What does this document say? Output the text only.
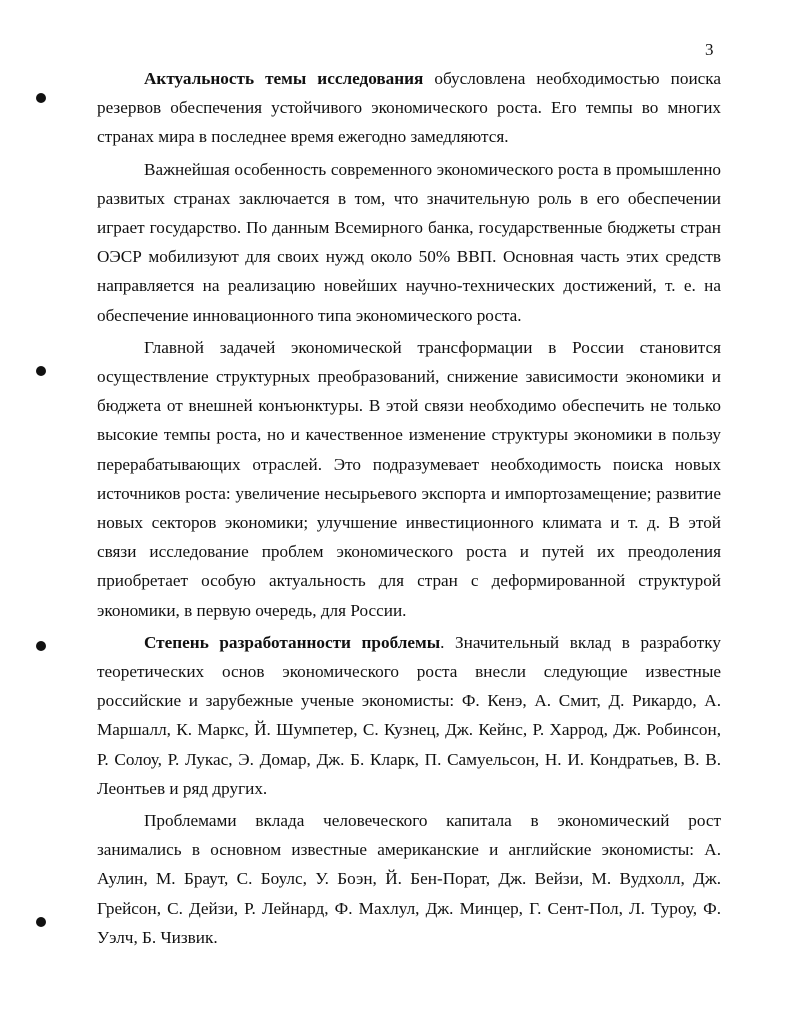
3

Актуальность темы исследования обусловлена необходимостью поиска резервов обеспечения устойчивого экономического роста. Его темпы во многих странах мира в последнее время ежегодно замедляются.

Важнейшая особенность современного экономического роста в промышленно развитых странах заключается в том, что значительную роль в его обеспечении играет государство. По данным Всемирного банка, государственные бюджеты стран ОЭСР мобилизуют для своих нужд около 50% ВВП. Основная часть этих средств направляется на реализацию новейших научно-технических достижений, т. е. на обеспечение инновационного типа экономического роста.

Главной задачей экономической трансформации в России становится осуществление структурных преобразований, снижение зависимости экономики и бюджета от внешней конъюнктуры. В этой связи необходимо обеспечить не только высокие темпы роста, но и качественное изменение структуры экономики в пользу перерабатывающих отраслей. Это подразумевает необходимость поиска новых источников роста: увеличение несырьевого экспорта и импортозамещение; развитие новых секторов экономики; улучшение инвестиционного климата и т. д. В этой связи исследование проблем экономического роста и путей их преодоления приобретает особую актуальность для стран с деформированной структурой экономики, в первую очередь, для России.

Степень разработанности проблемы. Значительный вклад в разработку теоретических основ экономического роста внесли следующие известные российские и зарубежные ученые экономисты: Ф. Кенэ, А. Смит, Д. Рикардо, А. Маршалл, К. Маркс, Й. Шумпетер, С. Кузнец, Дж. Кейнс, Р. Харрод, Дж. Робинсон, Р. Солоу, Р. Лукас, Э. Домар, Дж. Б. Кларк, П. Самуельсон, Н. И. Кондратьев, В. В. Леонтьев и ряд других.

Проблемами вклада человеческого капитала в экономический рост занимались в основном известные американские и английские экономисты: А. Аулин, М. Браут, С. Боулс, У. Боэн, Й. Бен-Порат, Дж. Вейзи, М. Вудхолл, Дж. Грейсон, С. Дейзи, Р. Лейнард, Ф. Махлул, Дж. Минцер, Г. Сент-Пол, Л. Туроу, Ф. Уэлч, Б. Чизвик.
